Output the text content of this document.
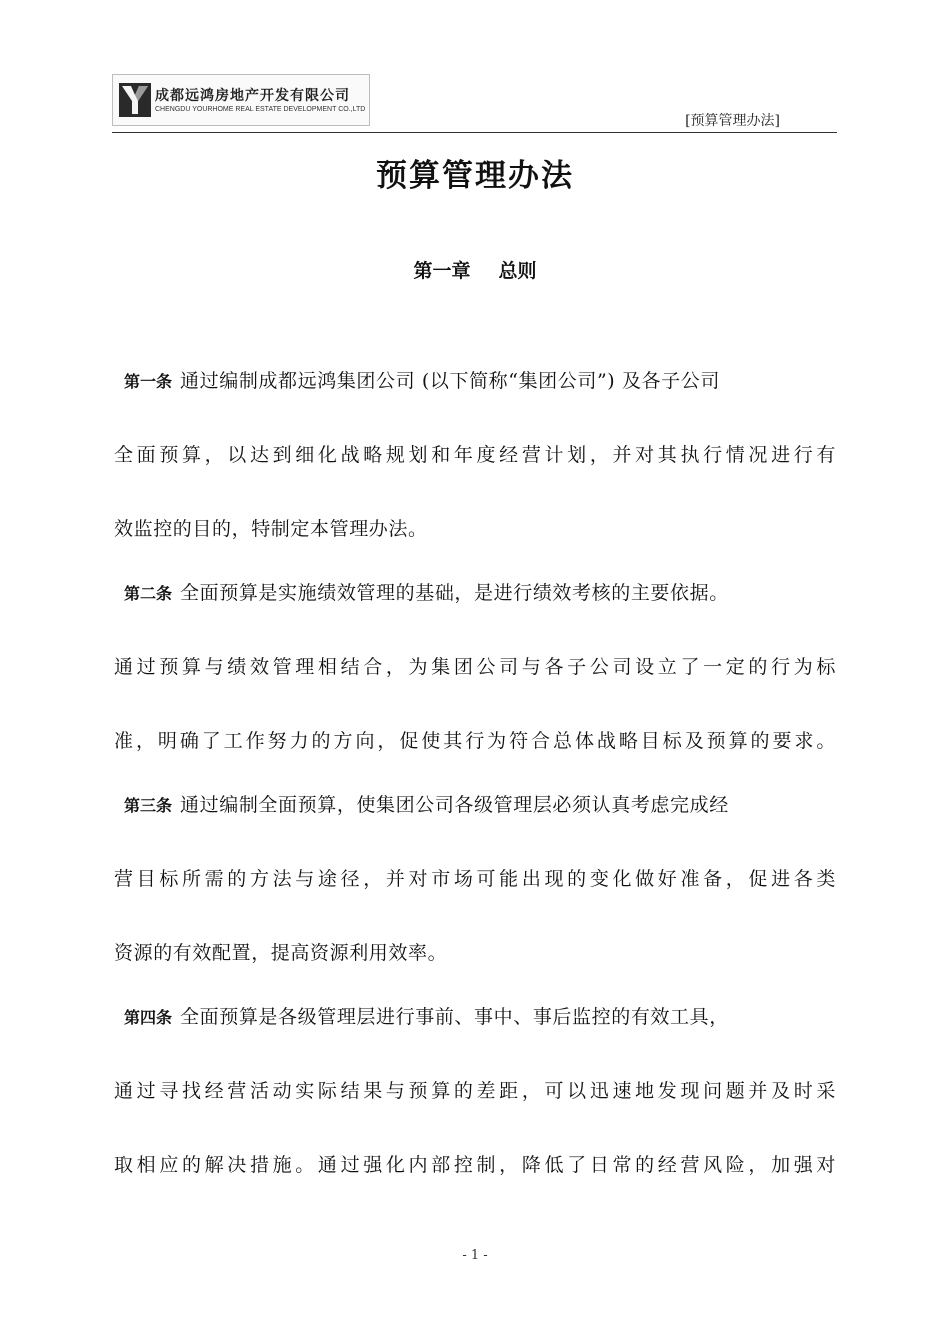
成都远鸿房地产开发有限公司
CHENGDU YOURHOME REAL ESTATE DEVELOPMENT CO.,LTD
[预算管理办法]
预算管理办法
第一章 总则
第一条 通过编制成都远鸿集团公司 (以下简称“集团公司”) 及各子公司
全面预算，以达到细化战略规划和年度经营计划，并对其执行情况进行有
效监控的目的，特制定本管理办法。
第二条 全面预算是实施绩效管理的基础，是进行绩效考核的主要依据。
通过预算与绩效管理相结合，为集团公司与各子公司设立了一定的行为标
准，明确了工作努力的方向，促使其行为符合总体战略目标及预算的要求。
第三条 通过编制全面预算，使集团公司各级管理层必须认真考虑完成经
营目标所需的方法与途径，并对市场可能出现的变化做好准备，促进各类
资源的有效配置，提高资源利用效率。
第四条 全面预算是各级管理层进行事前、事中、事后监控的有效工具，
通过寻找经营活动实际结果与预算的差距，可以迅速地发现问题并及时采
取相应的解决措施。通过强化内部控制，降低了日常的经营风险，加强对
- 1 -
